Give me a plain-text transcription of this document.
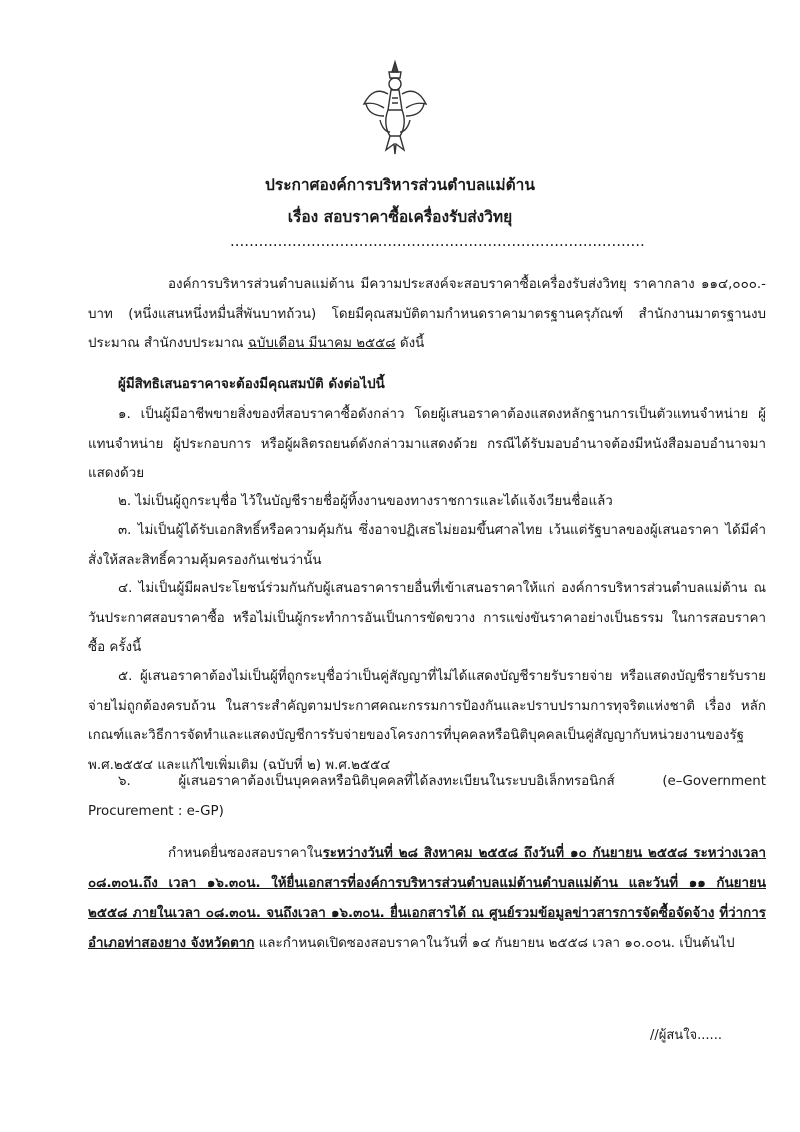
ประกาศองค์การบริหารส่วนตำบลแม่ต้าน
เรื่อง สอบราคาซื้อเครื่องรับส่งวิทยุ
.......................................................................................
องค์การบริหารส่วนตำบลแม่ต้าน มีความประสงค์จะสอบราคาซื้อเครื่องรับส่งวิทยุ ราคากลาง ๑๑๔,๐๐๐.-บาท (หนึ่งแสนหนึ่งหมื่นสี่พันบาทถ้วน) โดยมีคุณสมบัติตามกำหนดราคามาตรฐานครุภัณฑ์ สำนักงานมาตรฐานงบประมาณ สำนักงบประมาณ ฉบับเดือน มีนาคม ๒๕๕๘ ดังนี้
ผู้มีสิทธิเสนอราคาจะต้องมีคุณสมบัติ ดังต่อไปนี้
๑. เป็นผู้มีอาชีพขายสิ่งของที่สอบราคาซื้อดังกล่าว โดยผู้เสนอราคาต้องแสดงหลักฐานการเป็นตัวแทนจำหน่าย ผู้แทนจำหน่าย ผู้ประกอบการ หรือผู้ผลิตรถยนต์ดังกล่าวมาแสดงด้วย กรณีได้รับมอบอำนาจต้องมีหนังสือมอบอำนาจมาแสดงด้วย
๒. ไม่เป็นผู้ถูกระบุชื่อ ไว้ในบัญชีรายชื่อผู้ทิ้งงานของทางราชการและได้แจ้งเวียนชื่อแล้ว
๓. ไม่เป็นผู้ได้รับเอกสิทธิ์หรือความคุ้มกัน ซึ่งอาจปฏิเสธไม่ยอมขึ้นศาลไทย เว้นแต่รัฐบาลของผู้เสนอราคา ได้มีคำสั่งให้สละสิทธิ์ความคุ้มครองกันเช่นว่านั้น
๔. ไม่เป็นผู้มีผลประโยชน์ร่วมกันกับผู้เสนอราคารายอื่นที่เข้าเสนอราคาให้แก่ องค์การบริหารส่วนตำบลแม่ต้าน ณ วันประกาศสอบราคาซื้อ หรือไม่เป็นผู้กระทำการอันเป็นการขัดขวาง การแข่งขันราคาอย่างเป็นธรรม ในการสอบราคาซื้อ ครั้งนี้
๕. ผู้เสนอราคาต้องไม่เป็นผู้ที่ถูกระบุชื่อว่าเป็นคู่สัญญาที่ไม่ได้แสดงบัญชีรายรับรายจ่าย หรือแสดงบัญชีรายรับรายจ่ายไม่ถูกต้องครบถ้วน ในสาระสำคัญตามประกาศคณะกรรมการป้องกันและปราบปรามการทุจริตแห่งชาติ เรื่อง หลักเกณฑ์และวิธีการจัดทำและแสดงบัญชีการรับจ่ายของโครงการที่บุคคลหรือนิติบุคคลเป็นคู่สัญญากับหน่วยงานของรัฐ พ.ศ.๒๕๕๔ และแก้ไขเพิ่มเติม (ฉบับที่ ๒) พ.ศ.๒๕๕๔
๖. ผู้เสนอราคาต้องเป็นบุคคลหรือนิติบุคคลที่ได้ลงทะเบียนในระบบอิเล็กทรอนิกส์ (e–Government Procurement : e-GP)
กำหนดยื่นซองสอบราคาในระหว่างวันที่ ๒๘ สิงหาคม ๒๕๕๘ ถึงวันที่ ๑๐ กันยายน ๒๕๕๘ ระหว่างเวลา ๐๘.๓๐น.ถึง เวลา ๑๖.๓๐น. ให้ยื่นเอกสารที่องค์การบริหารส่วนตำบลแม่ต้านตำบลแม่ต้าน และวันที่ ๑๑ กันยายน ๒๕๕๘ ภายในเวลา ๐๘.๓๐น. จนถึงเวลา ๑๖.๓๐น. ยื่นเอกสารได้ ณ ศูนย์รวมข้อมูลข่าวสารการจัดซื้อจัดจ้าง ที่ว่าการอำเภอท่าสองยาง จังหวัดตาก และกำหนดเปิดซองสอบราคาในวันที่ ๑๔ กันยายน ๒๕๕๘ เวลา ๑๐.๐๐น. เป็นต้นไป
//ผู้สนใจ......
